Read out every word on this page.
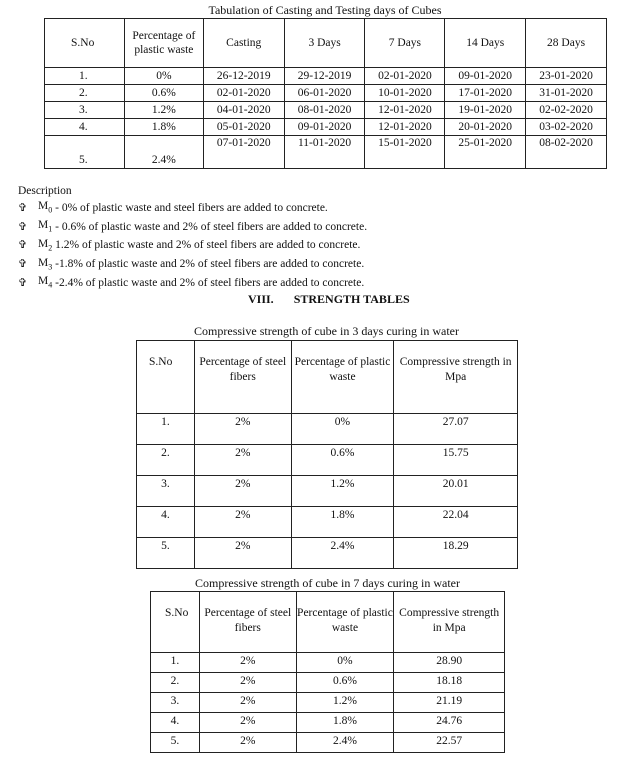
Tabulation of Casting and Testing days of Cubes
S.No	Percentage of plastic waste	Casting	3 Days	7 Days	14 Days	28 Days
1.	0%	26-12-2019	29-12-2019	02-01-2020	09-01-2020	23-01-2020
2.	0.6%	02-01-2020	06-01-2020	10-01-2020	17-01-2020	31-01-2020
3.	1.2%	04-01-2020	08-01-2020	12-01-2020	19-01-2020	02-02-2020
4.	1.8%	05-01-2020	09-01-2020	12-01-2020	20-01-2020	03-02-2020
5.	2.4%	07-01-2020	11-01-2020	15-01-2020	25-01-2020	08-02-2020
Description
✞ $M_0 - 0\%$ of plastic waste and steel fibers are added to concrete.
✞ $M_1 - 0.6\%$ of plastic waste and 2% of steel fibers are added to concrete.
✞ $M_2$ 1.2% of plastic waste and 2% of steel fibers are added to concrete.
✞ $M_3$ -1.8% of plastic waste and 2% of steel fibers are added to concrete.
✞ $M_4$ -2.4% of plastic waste and 2% of steel fibers are added to concrete.
VIII. STRENGTH TABLES
Compressive strength of cube in 3 days curing in water
S.No	Percentage of steel fibers	Percentage of plastic waste	Compressive strength in Mpa
1.	2%	0%	27.07
2.	2%	0.6%	15.75
3.	2%	1.2%	20.01
4.	2%	1.8%	22.04
5.	2%	2.4%	18.29
Compressive strength of cube in 7 days curing in water
S.No	Percentage of steel fibers	Percentage of plastic waste	Compressive strength in Mpa
1.	2%	0%	28.90
2.	2%	0.6%	18.18
3.	2%	1.2%	21.19
4.	2%	1.8%	24.76
5.	2%	2.4%	22.57
